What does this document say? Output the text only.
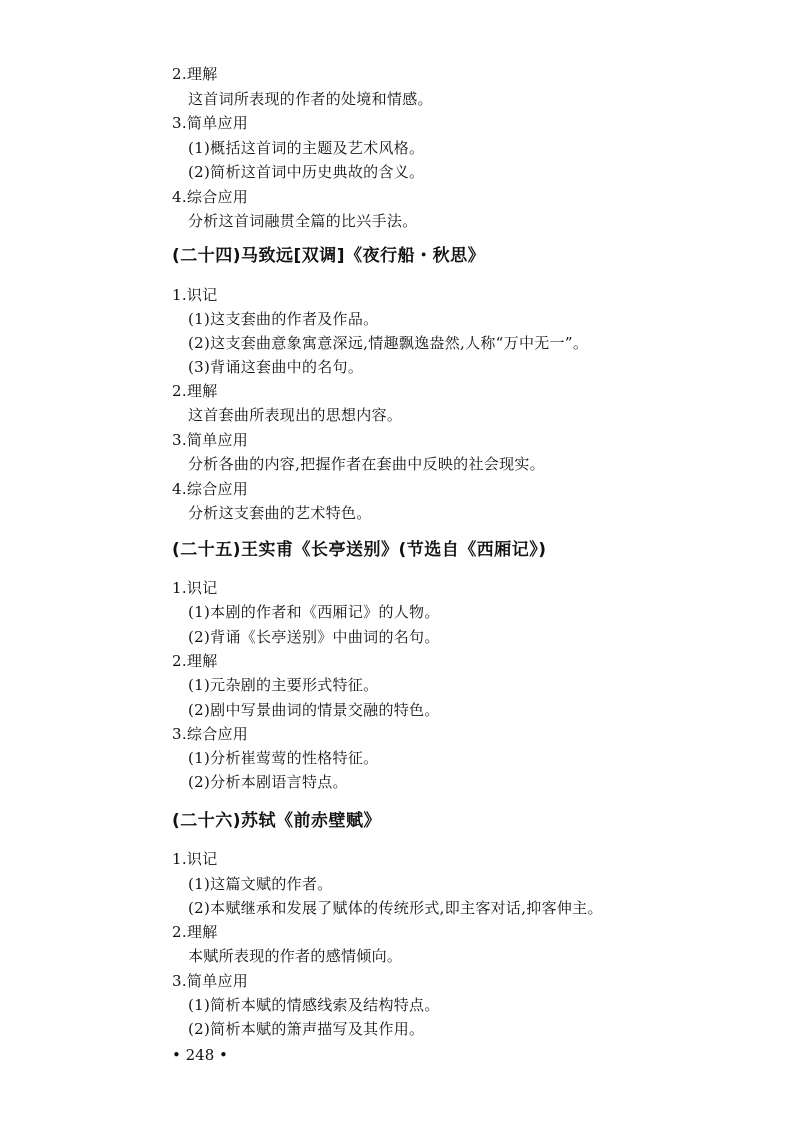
2.理解
这首词所表现的作者的处境和情感。
3.简单应用
(1)概括这首词的主题及艺术风格。
(2)简析这首词中历史典故的含义。
4.综合应用
分析这首词融贯全篇的比兴手法。
(二十四)马致远[双调]《夜行船・秋思》
1.识记
(1)这支套曲的作者及作品。
(2)这支套曲意象寓意深远,情趣飘逸盎然,人称“万中无一”。
(3)背诵这套曲中的名句。
2.理解
这首套曲所表现出的思想内容。
3.简单应用
分析各曲的内容,把握作者在套曲中反映的社会现实。
4.综合应用
分析这支套曲的艺术特色。
(二十五)王实甫《长亭送别》(节选自《西厢记》)
1.识记
(1)本剧的作者和《西厢记》的人物。
(2)背诵《长亭送别》中曲词的名句。
2.理解
(1)元杂剧的主要形式特征。
(2)剧中写景曲词的情景交融的特色。
3.综合应用
(1)分析崔莺莺的性格特征。
(2)分析本剧语言特点。
(二十六)苏轼《前赤壁赋》
1.识记
(1)这篇文赋的作者。
(2)本赋继承和发展了赋体的传统形式,即主客对话,抑客伸主。
2.理解
本赋所表现的作者的感情倾向。
3.简单应用
(1)简析本赋的情感线索及结构特点。
(2)简析本赋的箫声描写及其作用。
• 248 •
